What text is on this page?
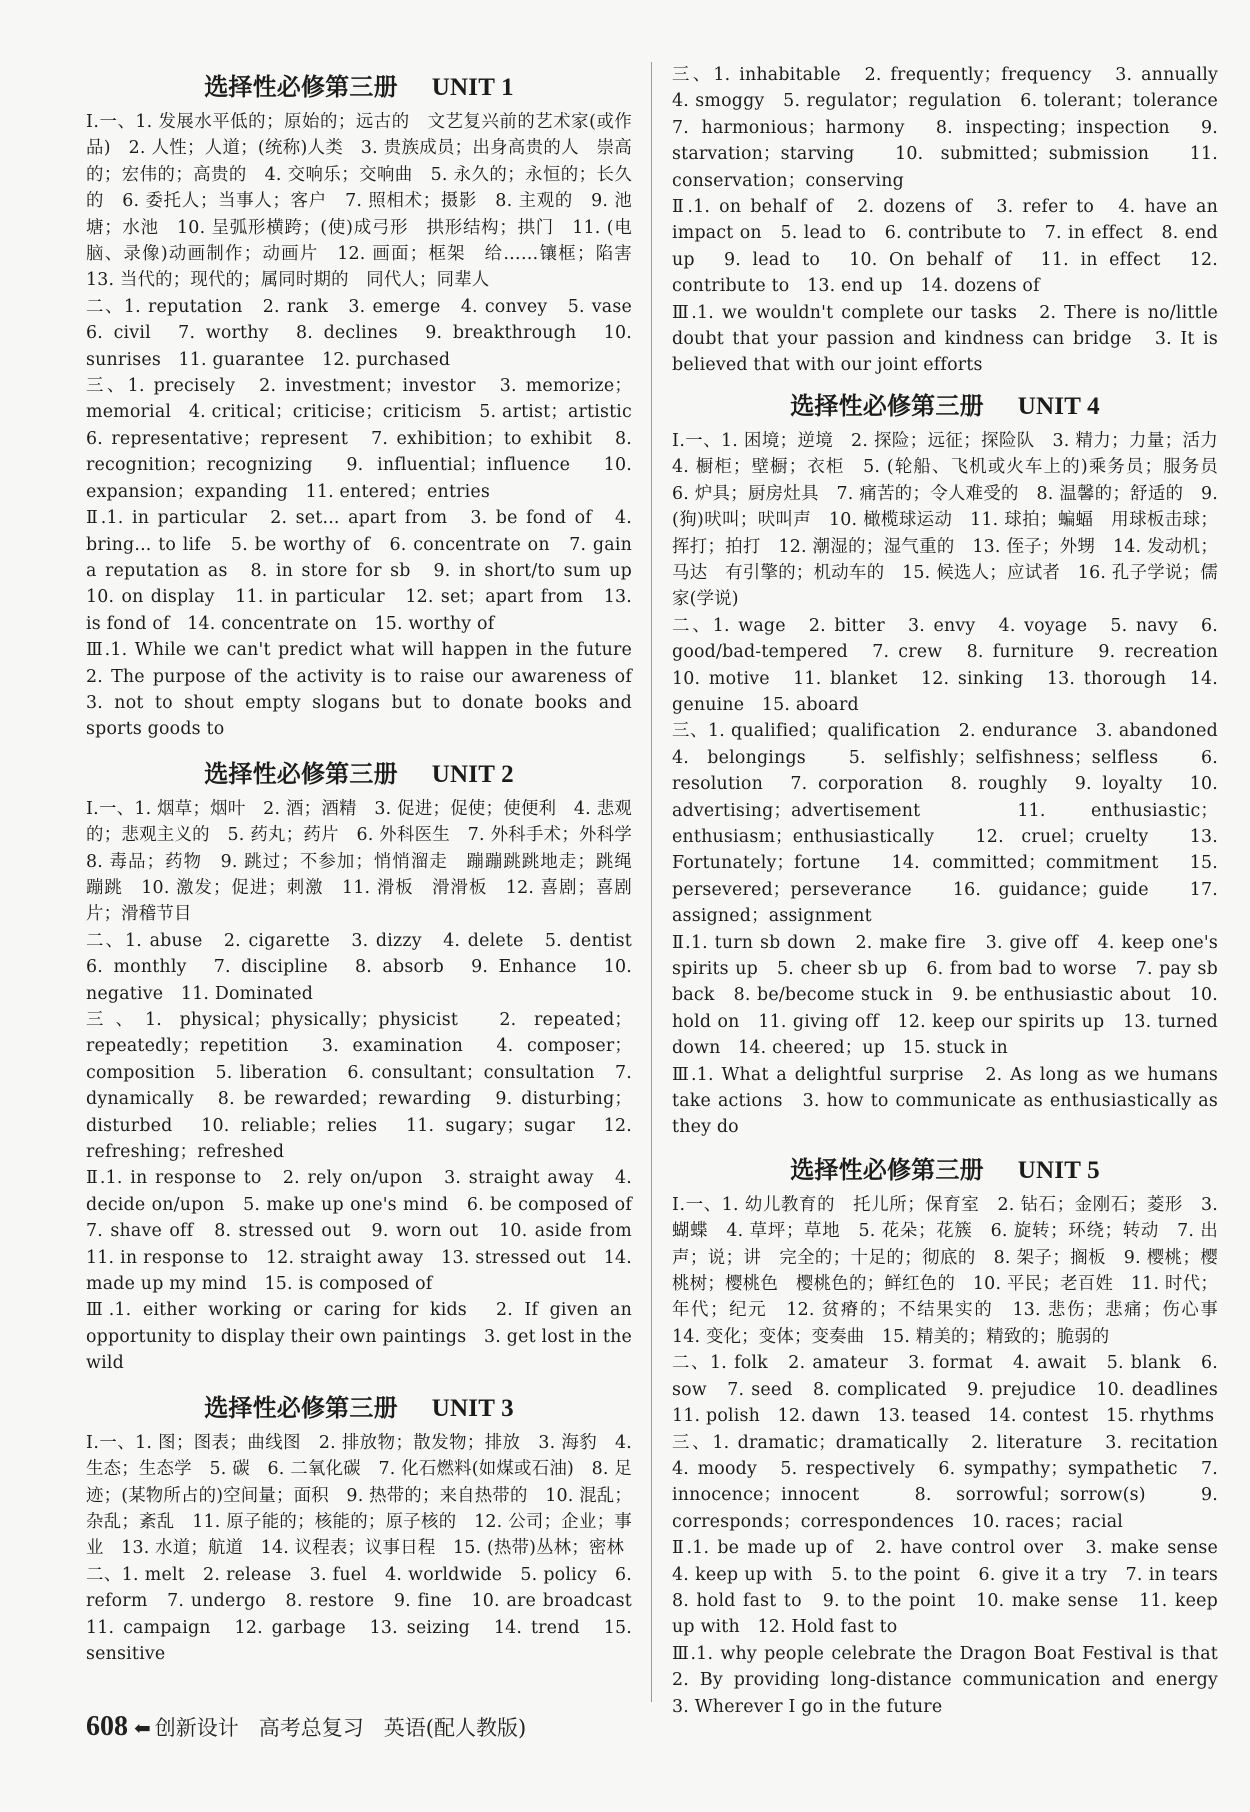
选择性必修第三册 UNIT 1
Ⅰ.一、1. 发展水平低的；原始的；远古的　文艺复兴前的艺术家(或作品)　2. 人性；人道；(统称)人类　3. 贵族成员；出身高贵的人　崇高的；宏伟的；高贵的　4. 交响乐；交响曲　5. 永久的；永恒的；长久的　6. 委托人；当事人；客户　7. 照相术；摄影　8. 主观的　9. 池塘；水池　10. 呈弧形横跨；(使)成弓形　拱形结构；拱门　11. (电脑、录像)动画制作；动画片　12. 画面；框架　给……镶框；陷害　13. 当代的；现代的；属同时期的　同代人；同辈人
二、1. reputation　2. rank　3. emerge　4. convey　5. vase　6. civil　7. worthy　8. declines　9. breakthrough　10. sunrises　11. guarantee　12. purchased
三、1. precisely　2. investment；investor　3. memorize；memorial　4. critical；criticise；criticism　5. artist；artistic　6. representative；represent　7. exhibition；to exhibit　8. recognition；recognizing　9. influential；influence　10. expansion；expanding　11. entered；entries
Ⅱ.1. in particular　2. set... apart from　3. be fond of　4. bring... to life　5. be worthy of　6. concentrate on　7. gain a reputation as　8. in store for sb　9. in short/to sum up　10. on display　11. in particular　12. set；apart from　13. is fond of　14. concentrate on　15. worthy of
Ⅲ.1. While we can't predict what will happen in the future　2. The purpose of the activity is to raise our awareness of　3. not to shout empty slogans but to donate books and sports goods to
选择性必修第三册 UNIT 2
Ⅰ.一、1. 烟草；烟叶　2. 酒；酒精　3. 促进；促使；使便利　4. 悲观的；悲观主义的　5. 药丸；药片　6. 外科医生　7. 外科手术；外科学　8. 毒品；药物　9. 跳过；不参加；悄悄溜走　蹦蹦跳跳地走；跳绳　蹦跳　10. 激发；促进；刺激　11. 滑板　滑滑板　12. 喜剧；喜剧片；滑稽节目
二、1. abuse　2. cigarette　3. dizzy　4. delete　5. dentist　6. monthly　7. discipline　8. absorb　9. Enhance　10. negative　11. Dominated
三、1. physical；physically；physicist　2. repeated；repeatedly；repetition　3. examination　4. composer；composition　5. liberation　6. consultant；consultation　7. dynamically　8. be rewarded；rewarding　9. disturbing；disturbed　10. reliable；relies　11. sugary；sugar　12. refreshing；refreshed
Ⅱ.1. in response to　2. rely on/upon　3. straight away　4. decide on/upon　5. make up one's mind　6. be composed of　7. shave off　8. stressed out　9. worn out　10. aside from　11. in response to　12. straight away　13. stressed out　14. made up my mind　15. is composed of
Ⅲ.1. either working or caring for kids　2. If given an opportunity to display their own paintings　3. get lost in the wild
选择性必修第三册 UNIT 3
Ⅰ.一、1. 图；图表；曲线图　2. 排放物；散发物；排放　3. 海豹　4. 生态；生态学　5. 碳　6. 二氧化碳　7. 化石燃料(如煤或石油)　8. 足迹；(某物所占的)空间量；面积　9. 热带的；来自热带的　10. 混乱；杂乱；紊乱　11. 原子能的；核能的；原子核的　12. 公司；企业；事业　13. 水道；航道　14. 议程表；议事日程　15. (热带)丛林；密林
二、1. melt　2. release　3. fuel　4. worldwide　5. policy　6. reform　7. undergo　8. restore　9. fine　10. are broadcast　11. campaign　12. garbage　13. seizing　14. trend　15. sensitive
三、1. inhabitable　2. frequently；frequency　3. annually　4. smoggy　5. regulator；regulation　6. tolerant；tolerance　7. harmonious；harmony　8. inspecting；inspection　9. starvation；starving　10. submitted；submission　11. conservation；conserving
Ⅱ.1. on behalf of　2. dozens of　3. refer to　4. have an impact on　5. lead to　6. contribute to　7. in effect　8. end up　9. lead to　10. On behalf of　11. in effect　12. contribute to　13. end up　14. dozens of
Ⅲ.1. we wouldn't complete our tasks　2. There is no/little doubt that your passion and kindness can bridge　3. It is believed that with our joint efforts
选择性必修第三册 UNIT 4
Ⅰ.一、1. 困境；逆境　2. 探险；远征；探险队　3. 精力；力量；活力　4. 橱柜；壁橱；衣柜　5. (轮船、飞机或火车上的)乘务员；服务员　6. 炉具；厨房灶具　7. 痛苦的；令人难受的　8. 温馨的；舒适的　9. (狗)吠叫；吠叫声　10. 橄榄球运动　11. 球拍；蝙蝠　用球板击球；挥打；拍打　12. 潮湿的；湿气重的　13. 侄子；外甥　14. 发动机；马达　有引擎的；机动车的　15. 候选人；应试者　16. 孔子学说；儒家(学说)
二、1. wage　2. bitter　3. envy　4. voyage　5. navy　6. good/bad-tempered　7. crew　8. furniture　9. recreation　10. motive　11. blanket　12. sinking　13. thorough　14. genuine　15. aboard
三、1. qualified；qualification　2. endurance　3. abandoned　4. belongings　5. selfishly；selfishness；selfless　6. resolution　7. corporation　8. roughly　9. loyalty　10. advertising；advertisement　11. enthusiastic；enthusiasm；enthusiastically　12. cruel；cruelty　13. Fortunately；fortune　14. committed；commitment　15. persevered；perseverance　16. guidance；guide　17. assigned；assignment
Ⅱ.1. turn sb down　2. make fire　3. give off　4. keep one's spirits up　5. cheer sb up　6. from bad to worse　7. pay sb back　8. be/become stuck in　9. be enthusiastic about　10. hold on　11. giving off　12. keep our spirits up　13. turned down　14. cheered；up　15. stuck in
Ⅲ.1. What a delightful surprise　2. As long as we humans take actions　3. how to communicate as enthusiastically as they do
选择性必修第三册 UNIT 5
Ⅰ.一、1. 幼儿教育的　托儿所；保育室　2. 钻石；金刚石；菱形　3. 蝴蝶　4. 草坪；草地　5. 花朵；花簇　6. 旋转；环绕；转动　7. 出声；说；讲　完全的；十足的；彻底的　8. 架子；搁板　9. 樱桃；樱桃树；樱桃色　樱桃色的；鲜红色的　10. 平民；老百姓　11. 时代；年代；纪元　12. 贫瘠的；不结果实的　13. 悲伤；悲痛；伤心事　14. 变化；变体；变奏曲　15. 精美的；精致的；脆弱的
二、1. folk　2. amateur　3. format　4. await　5. blank　6. sow　7. seed　8. complicated　9. prejudice　10. deadlines　11. polish　12. dawn　13. teased　14. contest　15. rhythms
三、1. dramatic；dramatically　2. literature　3. recitation　4. moody　5. respectively　6. sympathy；sympathetic　7. innocence；innocent　8. sorrowful；sorrow(s)　9. corresponds；correspondences　10. races；racial
Ⅱ.1. be made up of　2. have control over　3. make sense　4. keep up with　5. to the point　6. give it a try　7. in tears　8. hold fast to　9. to the point　10. make sense　11. keep up with　12. Hold fast to
Ⅲ.1. why people celebrate the Dragon Boat Festival is that　2. By providing long-distance communication and energy　3. Wherever I go in the future
608 ⬅ 创新设计 高考总复习 英语(配人教版)
